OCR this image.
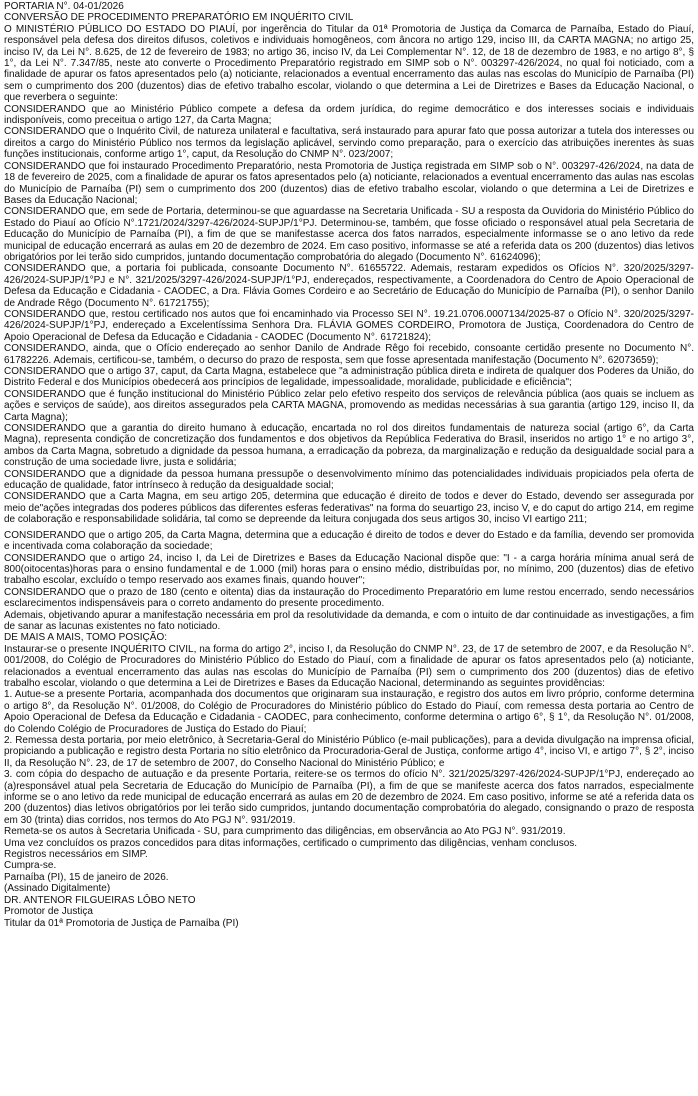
PORTARIA N°. 04-01/2026

CONVERSÃO DE PROCEDIMENTO PREPARATÓRIO EM INQUÉRITO CIVIL

O MINISTÉRIO PÚBLICO DO ESTADO DO PIAUÍ, por ingerência do Titular da 01ª Promotoria de Justiça da Comarca de Parnaíba, Estado do Piauí, responsável pela defesa dos direitos difusos, coletivos e individuais homogêneos, com âncora no artigo 129, inciso III, da CARTA MAGNA; no artigo 25, inciso IV, da Lei N°. 8.625, de 12 de fevereiro de 1983; no artigo 36, inciso IV, da Lei Complementar N°. 12, de 18 de dezembro de 1983, e no artigo 8°, § 1°, da Lei N°. 7.347/85, neste ato converte o Procedimento Preparatório registrado em SIMP sob o N°. 003297-426/2024, no qual foi noticiado, com a finalidade de apurar os fatos apresentados pelo (a) noticiante, relacionados a eventual encerramento das aulas nas escolas do Município de Parnaíba (PI) sem o cumprimento dos 200 (duzentos) dias de efetivo trabalho escolar, violando o que determina a Lei de Diretrizes e Bases da Educação Nacional, o que reverbera o seguinte:

CONSIDERANDO que ao Ministério Público compete a defesa da ordem jurídica, do regime democrático e dos interesses sociais e individuais indisponíveis, como preceitua o artigo 127, da Carta Magna;

CONSIDERANDO que o Inquérito Civil, de natureza unilateral e facultativa, será instaurado para apurar fato que possa autorizar a tutela dos interesses ou direitos a cargo do Ministério Público nos termos da legislação aplicável, servindo como preparação, para o exercício das atribuições inerentes às suas funções institucionais, conforme artigo 1°, caput, da Resolução do CNMP N°. 023/2007;

CONSIDERANDO que foi instaurado Procedimento Preparatório, nesta Promotoria de Justiça registrada em SIMP sob o N°. 003297-426/2024, na data de 18 de fevereiro de 2025, com a finalidade de apurar os fatos apresentados pelo (a) noticiante, relacionados a eventual encerramento das aulas nas escolas do Município de Parnaíba (PI) sem o cumprimento dos 200 (duzentos) dias de efetivo trabalho escolar, violando o que determina a Lei de Diretrizes e Bases da Educação Nacional;

CONSIDERANDO que, em sede de Portaria, determinou-se que aguardasse na Secretaria Unificada - SU a resposta da Ouvidoria do Ministério Público do Estado do Piauí ao Ofício N°.1721/2024/3297-426/2024-SUPJP/1°PJ. Determinou-se, também, que fosse oficiado o responsável atual pela Secretaria de Educação do Município de Parnaíba (PI), a fim de que se manifestasse acerca dos fatos narrados, especialmente informasse se o ano letivo da rede municipal de educação encerrará as aulas em 20 de dezembro de 2024. Em caso positivo, informasse se até a referida data os 200 (duzentos) dias letivos obrigatórios por lei terão sido cumpridos, juntando documentação comprobatória do alegado (Documento N°. 61624096);

CONSIDERANDO que, a portaria foi publicada, consoante Documento N°. 61655722. Ademais, restaram expedidos os Ofícios N°. 320/2025/3297-426/2024-SUPJP/1°PJ e N°. 321/2025/3297-426/2024-SUPJP/1°PJ, endereçados, respectivamente, a Coordenadora do Centro de Apoio Operacional de Defesa da Educação e Cidadania - CAODEC, a Dra. Flávia Gomes Cordeiro e ao Secretário de Educação do Município de Parnaíba (PI), o senhor Danilo de Andrade Rêgo (Documento N°. 61721755);

CONSIDERANDO que, restou certificado nos autos que foi encaminhado via Processo SEI N°. 19.21.0706.0007134/2025-87 o Ofício N°. 320/2025/3297-426/2024-SUPJP/1°PJ, endereçado a Excelentíssima Senhora Dra. FLÁVIA GOMES CORDEIRO, Promotora de Justiça, Coordenadora do Centro de Apoio Operacional de Defesa da Educação e Cidadania - CAODEC (Documento N°. 61721824);

CONSIDERANDO, ainda, que o Ofício endereçado ao senhor Danilo de Andrade Rêgo foi recebido, consoante certidão presente no Documento N°. 61782226. Ademais, certificou-se, também, o decurso do prazo de resposta, sem que fosse apresentada manifestação (Documento N°. 62073659);

CONSIDERANDO que o artigo 37, caput, da Carta Magna, estabelece que "a administração pública direta e indireta de qualquer dos Poderes da União, do Distrito Federal e dos Municípios obedecerá aos princípios de legalidade, impessoalidade, moralidade, publicidade e eficiência";

CONSIDERANDO que é função institucional do Ministério Público zelar pelo efetivo respeito dos serviços de relevância pública (aos quais se incluem as ações e serviços de saúde), aos direitos assegurados pela CARTA MAGNA, promovendo as medidas necessárias à sua garantia (artigo 129, inciso II, da Carta Magna);

CONSIDERANDO que a garantia do direito humano à educação, encartada no rol dos direitos fundamentais de natureza social (artigo 6°, da Carta Magna), representa condição de concretização dos fundamentos e dos objetivos da República Federativa do Brasil, inseridos no artigo 1° e no artigo 3°, ambos da Carta Magna, sobretudo a dignidade da pessoa humana, a erradicação da pobreza, da marginalização e redução da desigualdade social para a construção de uma sociedade livre, justa e solidária;

CONSIDERANDO que a dignidade da pessoa humana pressupõe o desenvolvimento mínimo das potencialidades individuais propiciados pela oferta de educação de qualidade, fator intrínseco à redução da desigualdade social;

CONSIDERANDO que a Carta Magna, em seu artigo 205, determina que educação é direito de todos e dever do Estado, devendo ser assegurada por meio de"ações integradas dos poderes públicos das diferentes esferas federativas" na forma do seuartigo 23, inciso V, e do caput do artigo 214, em regime de colaboração e responsabilidade solidária, tal como se depreende da leitura conjugada dos seus artigos 30, inciso VI eartigo 211;

CONSIDERANDO que o artigo 205, da Carta Magna, determina que a educação é direito de todos e dever do Estado e da família, devendo ser promovida e incentivada coma colaboração da sociedade;

CONSIDERANDO que o artigo 24, inciso I, da Lei de Diretrizes e Bases da Educação Nacional dispõe que: "I - a carga horária mínima anual será de 800(oitocentas)horas para o ensino fundamental e de 1.000 (mil) horas para o ensino médio, distribuídas por, no mínimo, 200 (duzentos) dias de efetivo trabalho escolar, excluído o tempo reservado aos exames finais, quando houver";

CONSIDERANDO que o prazo de 180 (cento e oitenta) dias da instauração do Procedimento Preparatório em lume restou encerrado, sendo necessários esclarecimentos indispensáveis para o correto andamento do presente procedimento.

Ademais, objetivando apurar a manifestação necessária em prol da resolutividade da demanda, e com o intuito de dar continuidade as investigações, a fim de sanar as lacunas existentes no fato noticiado.

DE MAIS A MAIS, TOMO POSIÇÃO:

Instaurar-se o presente INQUÉRITO CIVIL, na forma do artigo 2°, inciso I, da Resolução do CNMP N°. 23, de 17 de setembro de 2007, e da Resolução N°. 001/2008, do Colégio de Procuradores do Ministério Público do Estado do Piauí, com a finalidade de apurar os fatos apresentados pelo (a) noticiante, relacionados a eventual encerramento das aulas nas escolas do Município de Parnaíba (PI) sem o cumprimento dos 200 (duzentos) dias de efetivo trabalho escolar, violando o que determina a Lei de Diretrizes e Bases da Educação Nacional, determinando as seguintes providências:

1. Autue-se a presente Portaria, acompanhada dos documentos que originaram sua instauração, e registro dos autos em livro próprio, conforme determina o artigo 8°, da Resolução N°. 01/2008, do Colégio de Procuradores do Ministério público do Estado do Piauí, com remessa desta portaria ao Centro de Apoio Operacional de Defesa da Educação e Cidadania - CAODEC, para conhecimento, conforme determina o artigo 6°, § 1°, da Resolução N°. 01/2008, do Colendo Colégio de Procuradores de Justiça do Estado do Piauí;

2. Remessa desta portaria, por meio eletrônico, à Secretaria-Geral do Ministério Público (e-mail publicações), para a devida divulgação na imprensa oficial, propiciando a publicação e registro desta Portaria no sítio eletrônico da Procuradoria-Geral de Justiça, conforme artigo 4°, inciso VI, e artigo 7°, § 2°, inciso II, da Resolução N°. 23, de 17 de setembro de 2007, do Conselho Nacional do Ministério Público; e

3. com cópia do despacho de autuação e da presente Portaria, reitere-se os termos do ofício N°. 321/2025/3297-426/2024-SUPJP/1°PJ, endereçado ao (a)responsável atual pela Secretaria de Educação do Município de Parnaíba (PI), a fim de que se manifeste acerca dos fatos narrados, especialmente informe se o ano letivo da rede municipal de educação encerrará as aulas em 20 de dezembro de 2024. Em caso positivo, informe se até a referida data os 200 (duzentos) dias letivos obrigatórios por lei terão sido cumpridos, juntando documentação comprobatória do alegado, consignando o prazo de resposta em 30 (trinta) dias corridos, nos termos do Ato PGJ N°. 931/2019.

Remeta-se os autos à Secretaria Unificada - SU, para cumprimento das diligências, em observância ao Ato PGJ N°. 931/2019.

Uma vez concluídos os prazos concedidos para ditas informações, certificado o cumprimento das diligências, venham conclusos.

Registros necessários em SIMP.

Cumpra-se.

Parnaíba (PI), 15 de janeiro de 2026.

(Assinado Digitalmente)

DR. ANTENOR FILGUEIRAS LÔBO NETO

Promotor de Justiça

Titular da 01ª Promotoria de Justiça de Parnaíba (PI)
